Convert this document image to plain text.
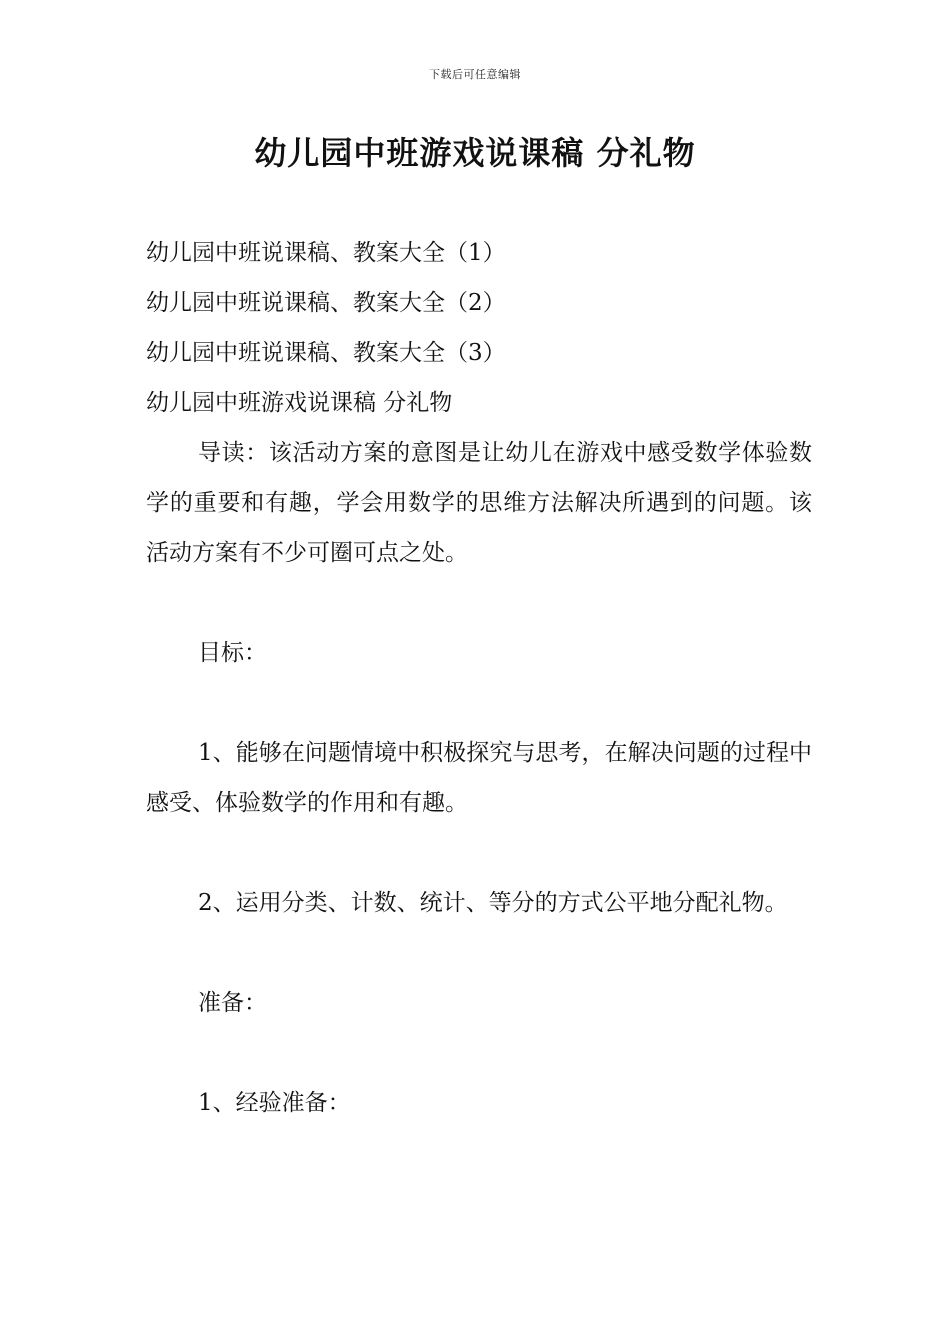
下载后可任意编辑
幼儿园中班游戏说课稿 分礼物

幼儿园中班说课稿、教案大全（1）

幼儿园中班说课稿、教案大全（2）

幼儿园中班说课稿、教案大全（3）

幼儿园中班游戏说课稿 分礼物

导读：该活动方案的意图是让幼儿在游戏中感受数学体验数学的重要和有趣，学会用数学的思维方法解决所遇到的问题。该活动方案有不少可圈可点之处。

目标：

1、能够在问题情境中积极探究与思考，在解决问题的过程中感受、体验数学的作用和有趣。

2、运用分类、计数、统计、等分的方式公平地分配礼物。

准备：

1、经验准备：
